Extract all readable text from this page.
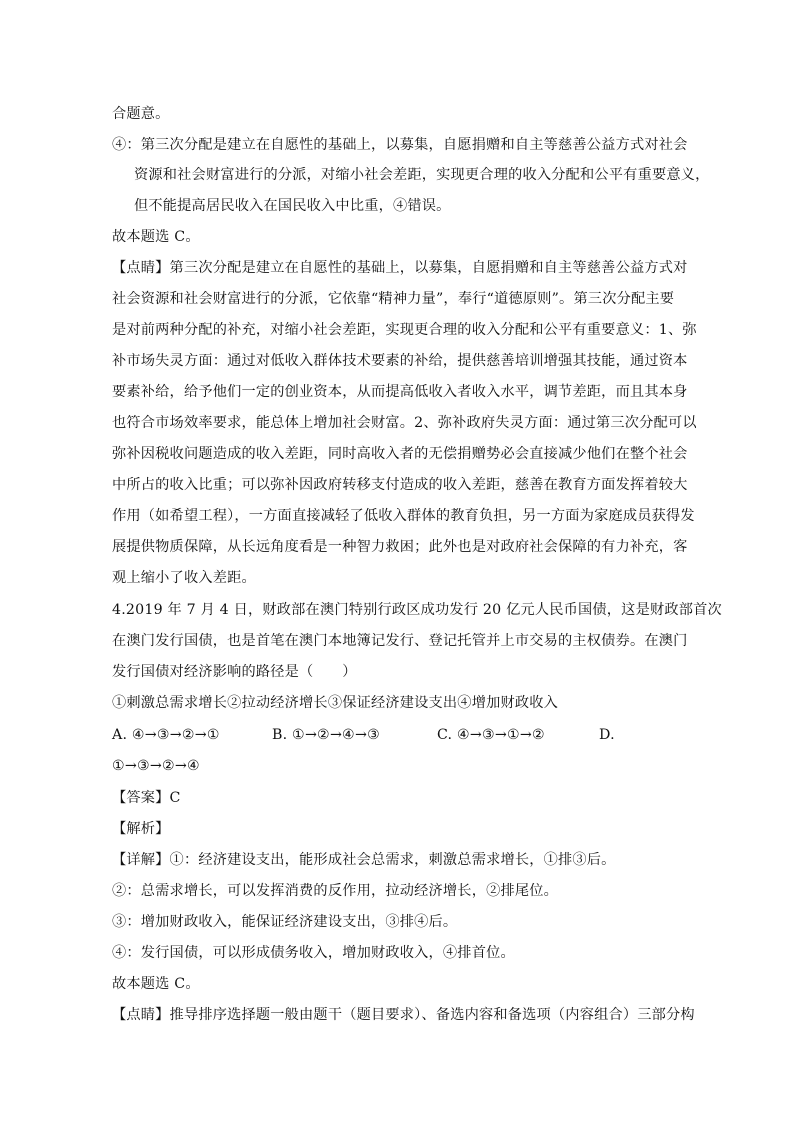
合题意。
④：第三次分配是建立在自愿性的基础上，以募集，自愿捐赠和自主等慈善公益方式对社会
资源和社会财富进行的分派，对缩小社会差距，实现更合理的收入分配和公平有重要意义，
但不能提高居民收入在国民收入中比重，④错误。
故本题选 C。
【点睛】第三次分配是建立在自愿性的基础上，以募集，自愿捐赠和自主等慈善公益方式对
社会资源和社会财富进行的分派，它依靠“精神力量”，奉行“道德原则”。第三次分配主要
是对前两种分配的补充，对缩小社会差距，实现更合理的收入分配和公平有重要意义：1、弥
补市场失灵方面：通过对低收入群体技术要素的补给，提供慈善培训增强其技能，通过资本
要素补给，给予他们一定的创业资本，从而提高低收入者收入水平，调节差距，而且其本身
也符合市场效率要求，能总体上增加社会财富。2、弥补政府失灵方面：通过第三次分配可以
弥补因税收问题造成的收入差距，同时高收入者的无偿捐赠势必会直接减少他们在整个社会
中所占的收入比重；可以弥补因政府转移支付造成的收入差距，慈善在教育方面发挥着较大
作用（如希望工程），一方面直接减轻了低收入群体的教育负担，另一方面为家庭成员获得发
展提供物质保障，从长远角度看是一种智力救困；此外也是对政府社会保障的有力补充，客
观上缩小了收入差距。
4.2019 年 7 月 4 日，财政部在澳门特别行政区成功发行 20 亿元人民币国债，这是财政部首次
在澳门发行国债，也是首笔在澳门本地簿记发行、登记托管并上市交易的主权债券。在澳门
发行国债对经济影响的路径是（　　）
①刺激总需求增长②拉动经济增长③保证经济建设支出④增加财政收入

A. ④→③→②→①

	B. ①→②→④→③

	C. ④→③→①→②

	D.

①→③→②→④
【答案】C
【解析】
【详解】①：经济建设支出，能形成社会总需求，刺激总需求增长，①排③后。
②：总需求增长，可以发挥消费的反作用，拉动经济增长，②排尾位。
③：增加财政收入，能保证经济建设支出，③排④后。
④：发行国债，可以形成债务收入，增加财政收入，④排首位。
故本题选 C。
【点睛】推导排序选择题一般由题干（题目要求）、备选内容和备选项（内容组合）三部分构
